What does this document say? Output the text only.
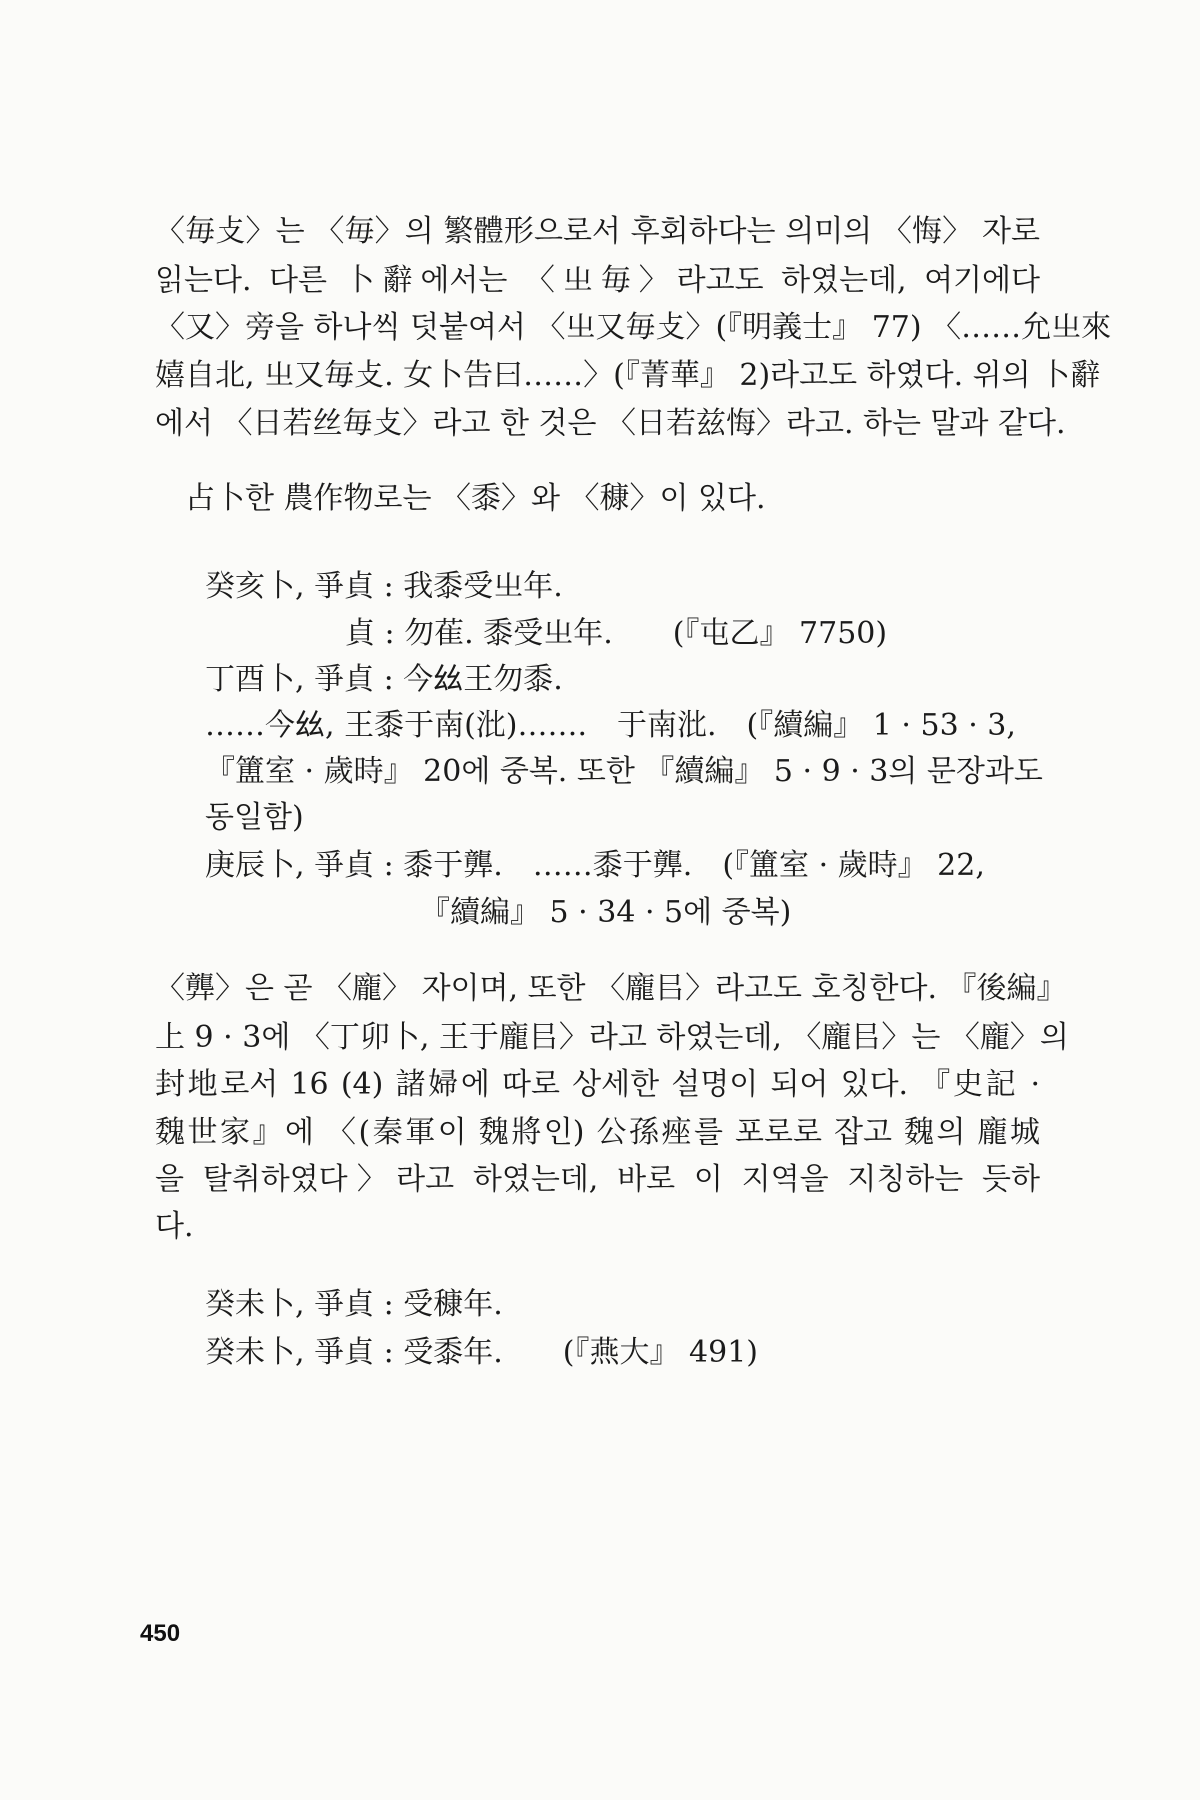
〈毎攴〉는 〈毎〉의 繁體形으로서 후회하다는 의미의 〈悔〉 자로
읽는다. 다른 卜辭에서는 〈㞢毎〉라고도 하였는데, 여기에다
〈又〉旁을 하나씩 덧붙여서 〈㞢又毎攴〉(『明義士』 77) 〈……允㞢來
嬉自北, 㞢又毎攴. 女卜告曰……〉(『菁華』 2)라고도 하였다. 위의 卜辭
에서 〈日若丝毎攴〉라고 한 것은 〈日若兹悔〉라고. 하는 말과 같다.
占卜한 農作物로는 〈黍〉와 〈穅〉이 있다.
癸亥卜, 爭貞 : 我黍受㞢年.
貞 : 勿萑. 黍受㞢年.　　(『屯乙』 7750)
丁酉卜, 爭貞 : 今𢆶王勿黍.
……今𢆶, 王黍于南(沘)…….　于南沘.　(『續編』 1 · 53 · 3,
『簠室 · 歲時』 20에 중복. 또한 『續編』 5 · 9 · 3의 문장과도
동일함)
庚辰卜, 爭貞 : 黍于龏.　……黍于龏.　(『簠室 · 歲時』 22,
『續編』 5 · 34 · 5에 중복)
〈龏〉은 곧 〈龐〉 자이며, 또한 〈龐㠯〉라고도 호칭한다. 『後編』
上 9 · 3에 〈丁卯卜, 王于龐㠯〉라고 하였는데, 〈龐㠯〉는 〈龐〉의
封地로서 16 (4) 諸婦에 따로 상세한 설명이 되어 있다. 『史記 ·
魏世家』에 〈(秦軍이 魏將인) 公孫痤를 포로로 잡고 魏의 龐城
을 탈취하였다〉라고 하였는데, 바로 이 지역을 지칭하는 듯하
다.
癸未卜, 爭貞 : 受穅年.
癸未卜, 爭貞 : 受黍年.　　(『燕大』 491)
450
